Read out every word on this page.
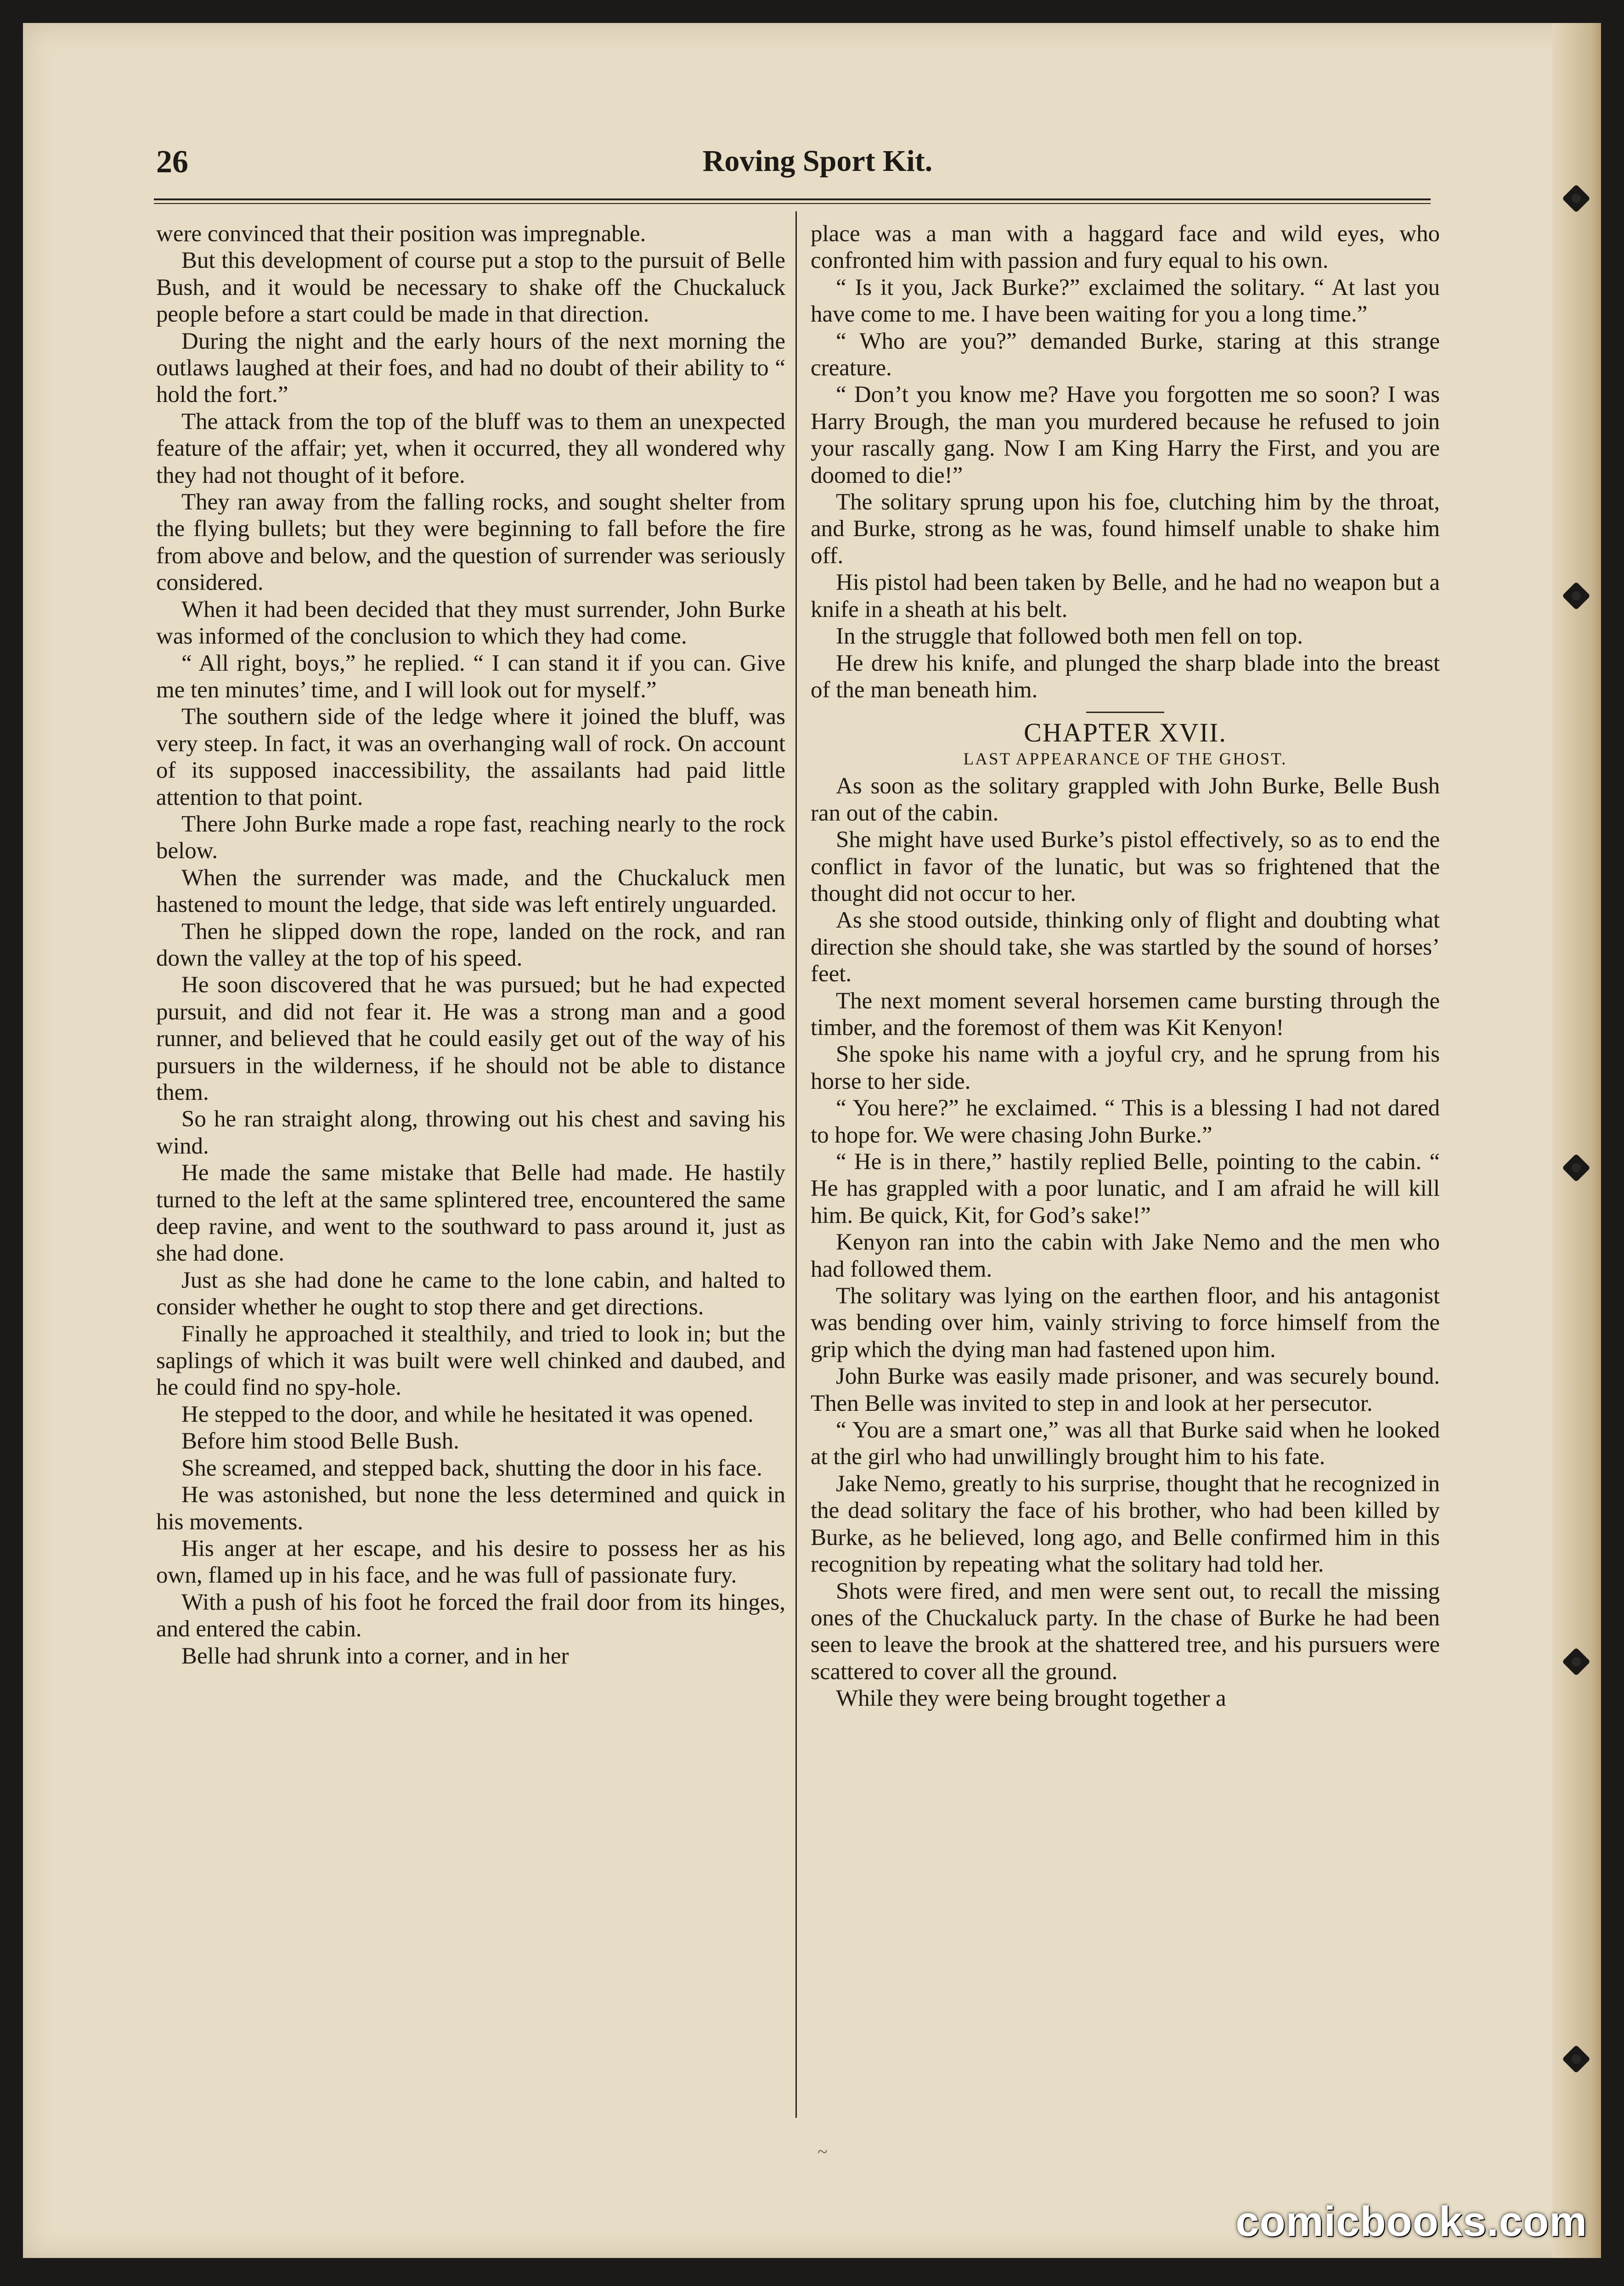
26	Roving Sport Kit.

were convinced that their position was impregnable.

But this development of course put a stop to the pursuit of Belle Bush, and it would be necessary to shake off the Chuckaluck people before a start could be made in that direction.

During the night and the early hours of the next morning the outlaws laughed at their foes, and had no doubt of their ability to “ hold the fort.”

The attack from the top of the bluff was to them an unexpected feature of the affair; yet, when it occurred, they all wondered why they had not thought of it before.

They ran away from the falling rocks, and sought shelter from the flying bullets; but they were beginning to fall before the fire from above and below, and the question of surrender was seriously considered.

When it had been decided that they must surrender, John Burke was informed of the conclusion to which they had come.

“ All right, boys,” he replied. “ I can stand it if you can. Give me ten minutes’ time, and I will look out for myself.”

The southern side of the ledge where it joined the bluff, was very steep. In fact, it was an overhanging wall of rock. On account of its supposed inaccessibility, the assailants had paid little attention to that point.

There John Burke made a rope fast, reaching nearly to the rock below.

When the surrender was made, and the Chuckaluck men hastened to mount the ledge, that side was left entirely unguarded.

Then he slipped down the rope, landed on the rock, and ran down the valley at the top of his speed.

He soon discovered that he was pursued; but he had expected pursuit, and did not fear it. He was a strong man and a good runner, and believed that he could easily get out of the way of his pursuers in the wilderness, if he should not be able to distance them.

So he ran straight along, throwing out his chest and saving his wind.

He made the same mistake that Belle had made. He hastily turned to the left at the same splintered tree, encountered the same deep ravine, and went to the southward to pass around it, just as she had done.

Just as she had done he came to the lone cabin, and halted to consider whether he ought to stop there and get directions.

Finally he approached it stealthily, and tried to look in; but the saplings of which it was built were well chinked and daubed, and he could find no spy-hole.

He stepped to the door, and while he hesitated it was opened.

Before him stood Belle Bush.

She screamed, and stepped back, shutting the door in his face.

He was astonished, but none the less determined and quick in his movements.

His anger at her escape, and his desire to possess her as his own, flamed up in his face, and he was full of passionate fury.

With a push of his foot he forced the frail door from its hinges, and entered the cabin.

Belle had shrunk into a corner, and in her

place was a man with a haggard face and wild eyes, who confronted him with passion and fury equal to his own.

“ Is it you, Jack Burke?” exclaimed the solitary. “ At last you have come to me. I have been waiting for you a long time.”

“ Who are you?” demanded Burke, staring at this strange creature.

“ Don’t you know me? Have you forgotten me so soon? I was Harry Brough, the man you murdered because he refused to join your rascally gang. Now I am King Harry the First, and you are doomed to die!”

The solitary sprung upon his foe, clutching him by the throat, and Burke, strong as he was, found himself unable to shake him off.

His pistol had been taken by Belle, and he had no weapon but a knife in a sheath at his belt.

In the struggle that followed both men fell on top.

He drew his knife, and plunged the sharp blade into the breast of the man beneath him.

CHAPTER XVII.
LAST APPEARANCE OF THE GHOST.

As soon as the solitary grappled with John Burke, Belle Bush ran out of the cabin.

She might have used Burke’s pistol effectively, so as to end the conflict in favor of the lunatic, but was so frightened that the thought did not occur to her.

As she stood outside, thinking only of flight and doubting what direction she should take, she was startled by the sound of horses’ feet.

The next moment several horsemen came bursting through the timber, and the foremost of them was Kit Kenyon!

She spoke his name with a joyful cry, and he sprung from his horse to her side.

“ You here?” he exclaimed. “ This is a blessing I had not dared to hope for. We were chasing John Burke.”

“ He is in there,” hastily replied Belle, pointing to the cabin. “ He has grappled with a poor lunatic, and I am afraid he will kill him. Be quick, Kit, for God’s sake!”

Kenyon ran into the cabin with Jake Nemo and the men who had followed them.

The solitary was lying on the earthen floor, and his antagonist was bending over him, vainly striving to force himself from the grip which the dying man had fastened upon him.

John Burke was easily made prisoner, and was securely bound. Then Belle was invited to step in and look at her persecutor.

“ You are a smart one,” was all that Burke said when he looked at the girl who had unwillingly brought him to his fate.

Jake Nemo, greatly to his surprise, thought that he recognized in the dead solitary the face of his brother, who had been killed by Burke, as he believed, long ago, and Belle confirmed him in this recognition by repeating what the solitary had told her.

Shots were fired, and men were sent out, to recall the missing ones of the Chuckaluck party. In the chase of Burke he had been seen to leave the brook at the shattered tree, and his pursuers were scattered to cover all the ground.

While they were being brought together a

~

comicbooks.com
